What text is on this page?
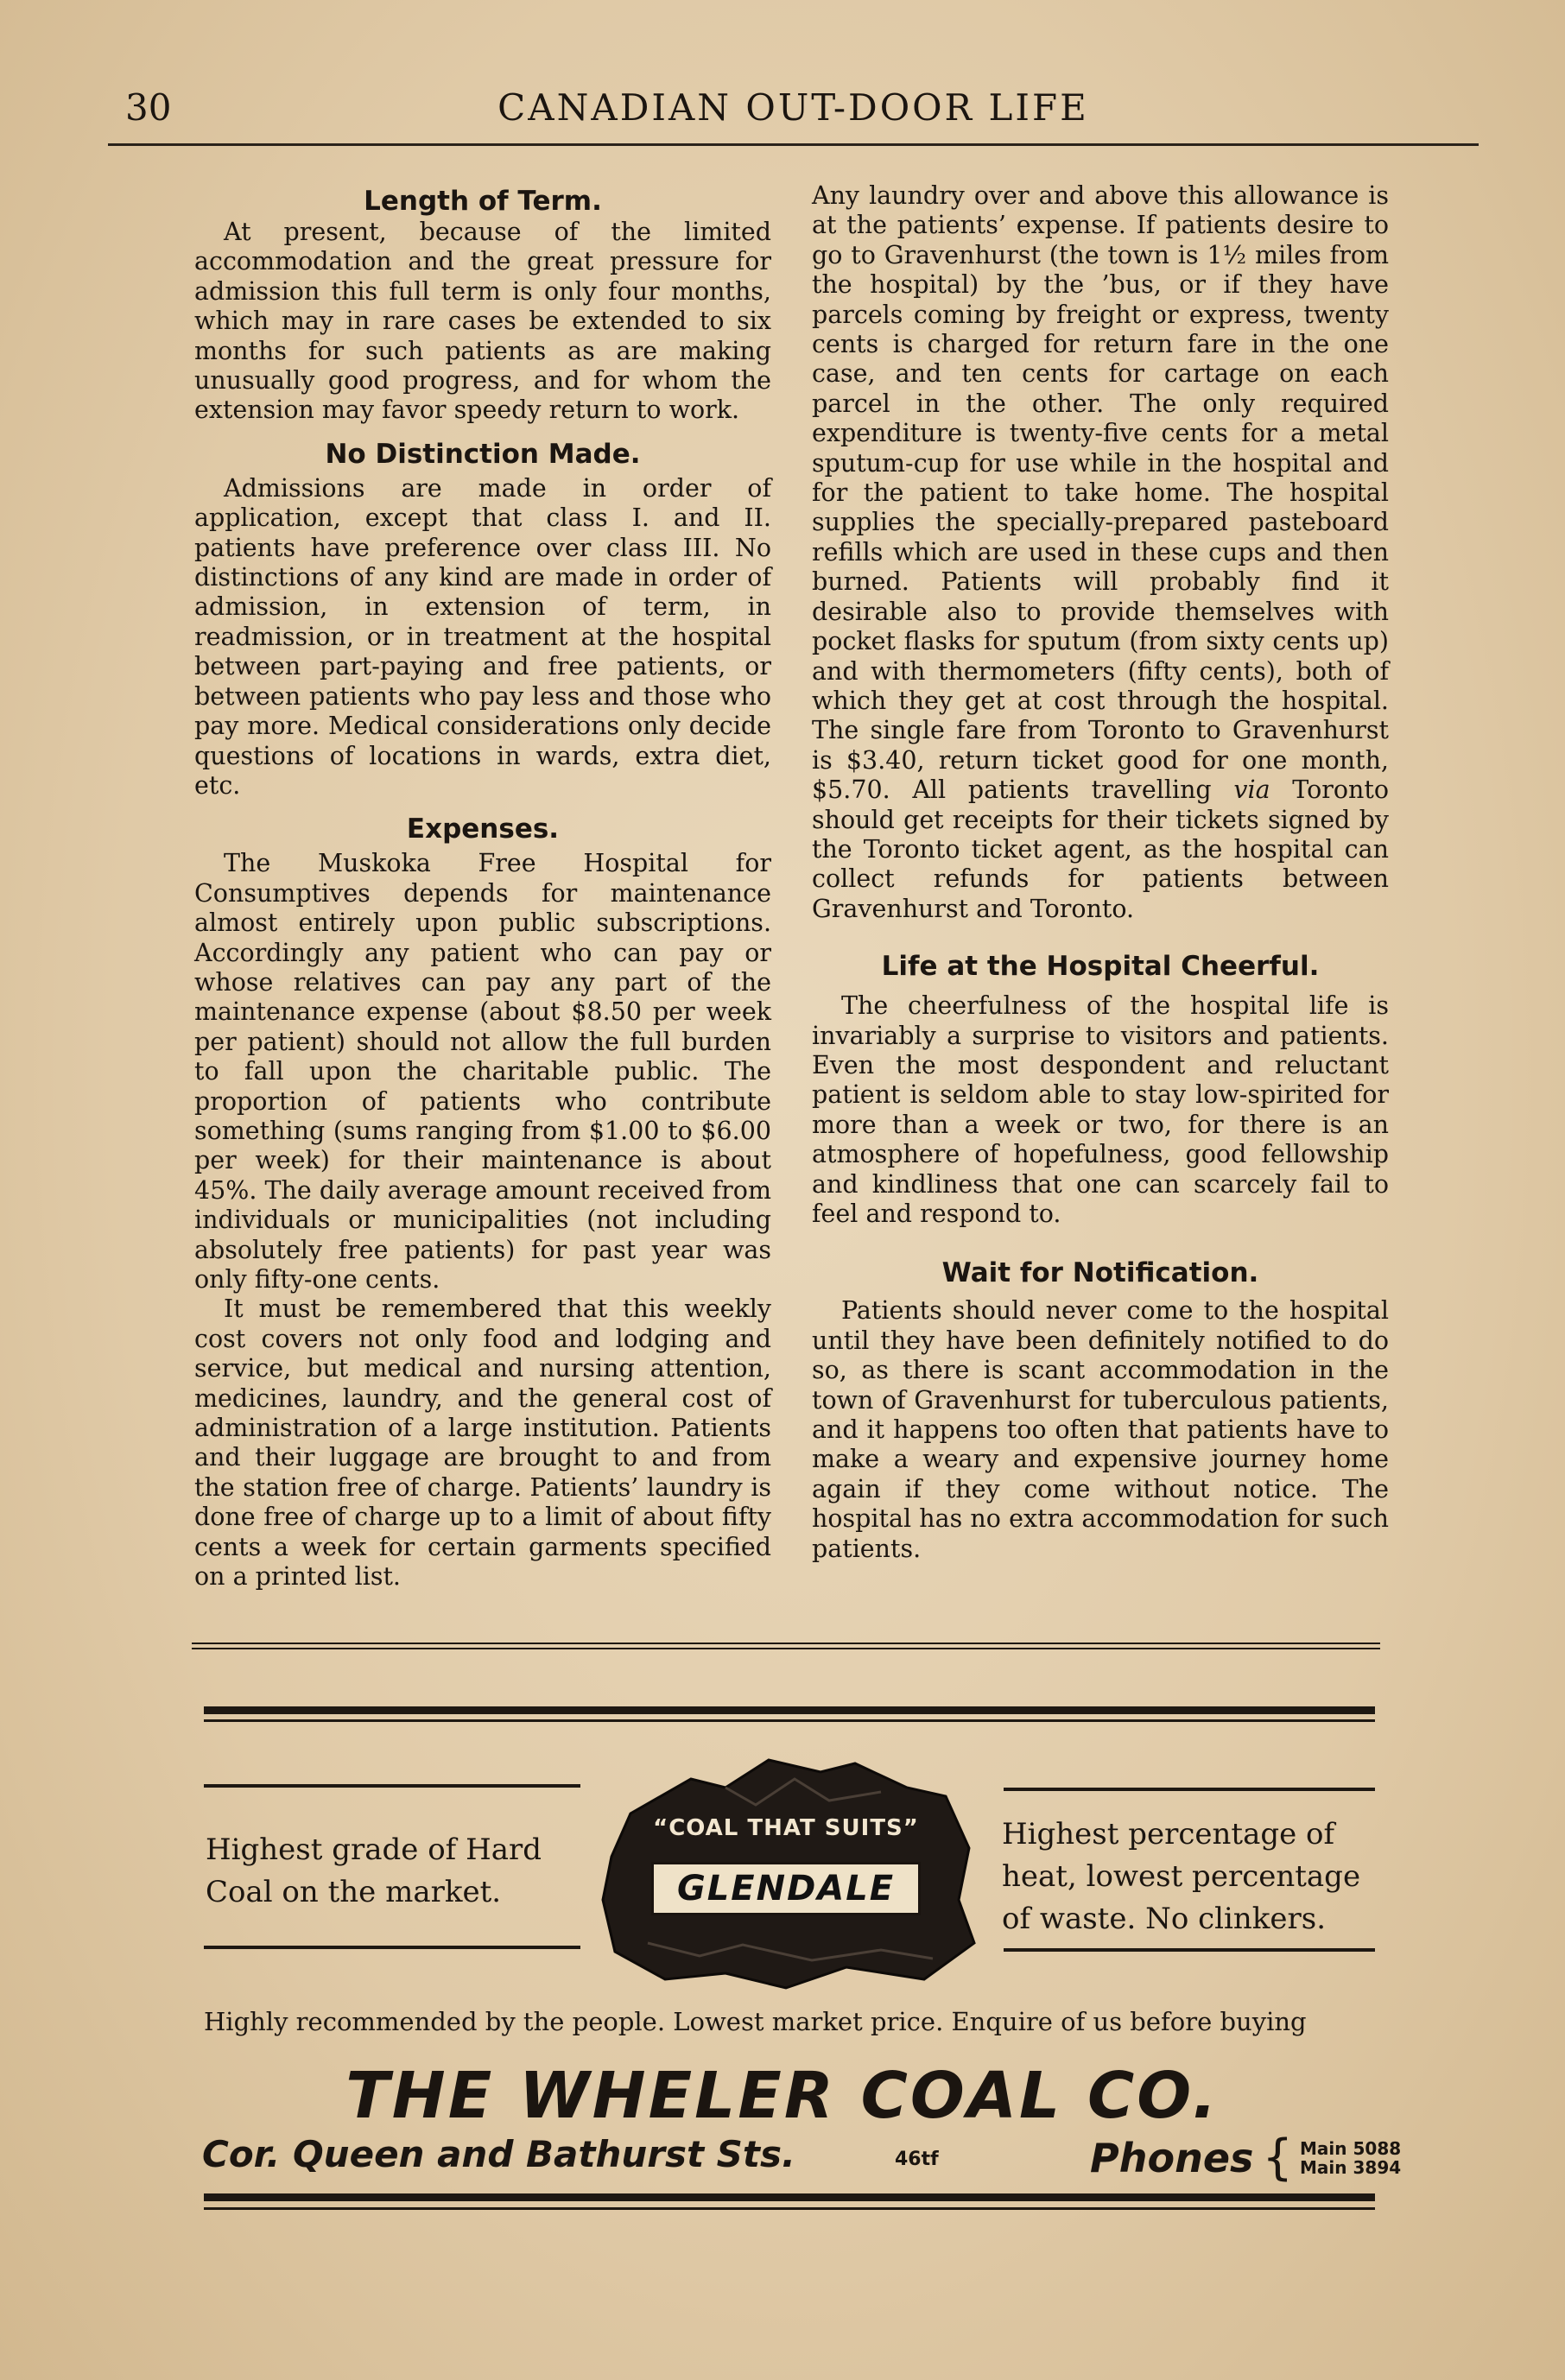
30	CANADIAN OUT-DOOR LIFE
Length of Term.

At present, because of the limited accommodation and the great pressure for admission this full term is only four months, which may in rare cases be extended to six months for such patients as are making unusually good progress, and for whom the extension may favor speedy return to work.

No Distinction Made.

Admissions are made in order of application, except that class I. and II. patients have preference over class III. No distinctions of any kind are made in order of admission, in extension of term, in readmission, or in treatment at the hospital between part-paying and free patients, or between patients who pay less and those who pay more. Medical considerations only decide questions of locations in wards, extra diet, etc.

Expenses.

The Muskoka Free Hospital for Consumptives depends for maintenance almost entirely upon public subscriptions. Accordingly any patient who can pay or whose relatives can pay any part of the maintenance expense (about $8.50 per week per patient) should not allow the full burden to fall upon the charitable public. The proportion of patients who contribute something (sums ranging from $1.00 to $6.00 per week) for their maintenance is about 45%. The daily average amount received from individuals or municipalities (not including absolutely free patients) for past year was only fifty-one cents.

It must be remembered that this weekly cost covers not only food and lodging and service, but medical and nursing attention, medicines, laundry, and the general cost of administration of a large institution. Patients and their luggage are brought to and from the station free of charge. Patients’ laundry is done free of charge up to a limit of about fifty cents a week for certain garments specified on a printed list.

Any laundry over and above this allowance is at the patients’ expense. If patients desire to go to Gravenhurst (the town is 1½ miles from the hospital) by the ’bus, or if they have parcels coming by freight or express, twenty cents is charged for return fare in the one case, and ten cents for cartage on each parcel in the other. The only required expenditure is twenty-five cents for a metal sputum-cup for use while in the hospital and for the patient to take home. The hospital supplies the specially-prepared pasteboard refills which are used in these cups and then burned. Patients will probably find it desirable also to provide themselves with pocket flasks for sputum (from sixty cents up) and with thermometers (fifty cents), both of which they get at cost through the hospital. The single fare from Toronto to Gravenhurst is $3.40, return ticket good for one month, $5.70. All patients travelling via Toronto should get receipts for their tickets signed by the Toronto ticket agent, as the hospital can collect refunds for patients between Gravenhurst and Toronto.

Life at the Hospital Cheerful.

The cheerfulness of the hospital life is invariably a surprise to visitors and patients. Even the most despondent and reluctant patient is seldom able to stay low-spirited for more than a week or two, for there is an atmosphere of hopefulness, good fellowship and kindliness that one can scarcely fail to feel and respond to.

Wait for Notification.

Patients should never come to the hospital until they have been definitely notified to do so, as there is scant accommodation in the town of Gravenhurst for tuberculous patients, and it happens too often that patients have to make a weary and expensive journey home again if they come without notice. The hospital has no extra accommodation for such patients.

Highest grade of Hard Coal on the market.
Highest percentage of heat, lowest percentage of waste. No clinkers.
“COAL THAT SUITS”
GLENDALE
Highly recommended by the people. Lowest market price. Enquire of us before buying
THE WHELER COAL CO.
Cor. Queen and Bathurst Sts.	46tf	Phones { Main 5088
Main 3894
